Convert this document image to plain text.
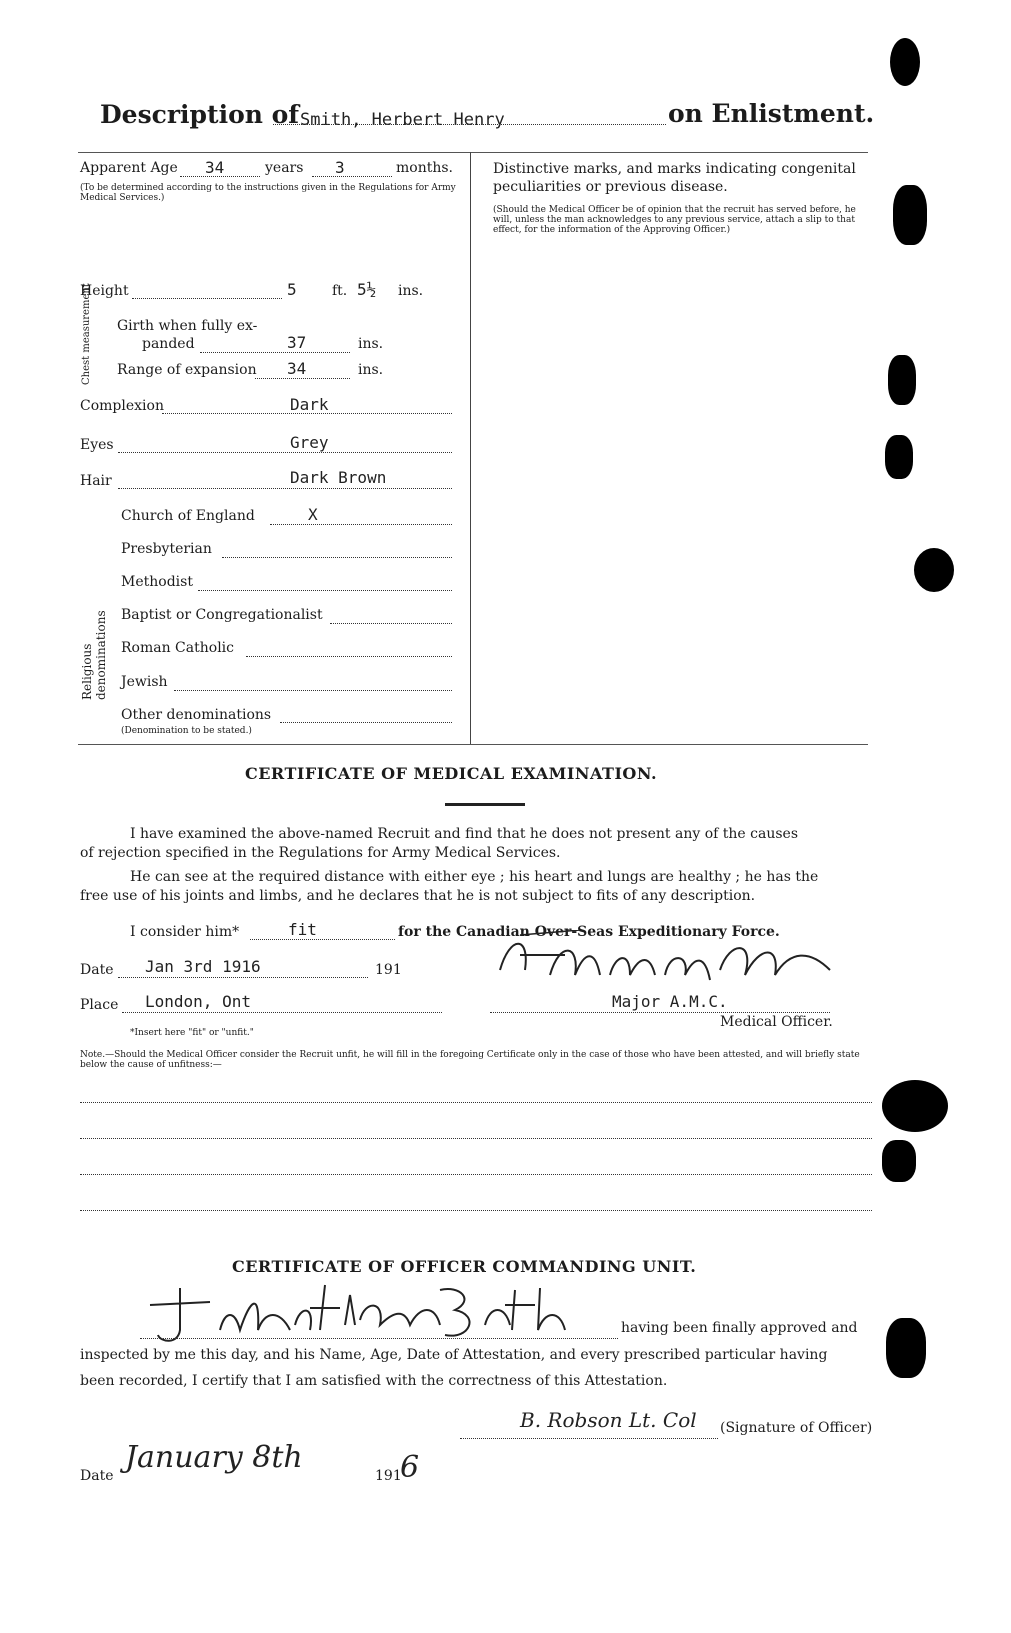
Description of Smith, Herbert Henry	on Enlistment.
Apparent Age 34	years 3	months.
(To be determined according to the instructions given in the Regulations for Army Medical Services.)
Height	5	ft. 5½ ins.
Chest measurement Girth when fully ex-
panded	37	ins.
Range of expansion 34	ins.
Complexion	Dark
Eyes	Grey
Hair	Dark Brown
Religious denominations
Church of England	X
Presbyterian
Methodist
Baptist or Congregationalist
Roman Catholic
Jewish
Other denominations
(Denomination to be stated.)
Distinctive marks, and marks indicating congenital peculiarities or previous disease.
(Should the Medical Officer be of opinion that the recruit has served before, he will, unless the man acknowledges to any previous service, attach a slip to that effect, for the information of the Approving Officer.)
CERTIFICATE OF MEDICAL EXAMINATION.
I have examined the above-named Recruit and find that he does not present any of the causes
of rejection specified in the Regulations for Army Medical Services.
He can see at the required distance with either eye ; his heart and lungs are healthy ; he has the
free use of his joints and limbs, and he declares that he is not subject to fits of any description.
I consider him*	fit	for the Canadian Over-Seas Expeditionary Force.
Date Jan 3rd 1916	191
Place London, Ont	Major A.M.C.
Medical Officer.
*Insert here "fit" or "unfit."
Note.—Should the Medical Officer consider the Recruit unfit, he will fill in the foregoing Certificate only in the case of those who have been attested, and will briefly state below the cause of unfitness:—
CERTIFICATE OF OFFICER COMMANDING UNIT.
having been finally approved and
inspected by me this day, and his Name, Age, Date of Attestation, and every prescribed particular having
been recorded, I certify that I am satisfied with the correctness of this Attestation.
B. Robson Lt. Col (Signature of Officer)
Date
January 8th
191
6
